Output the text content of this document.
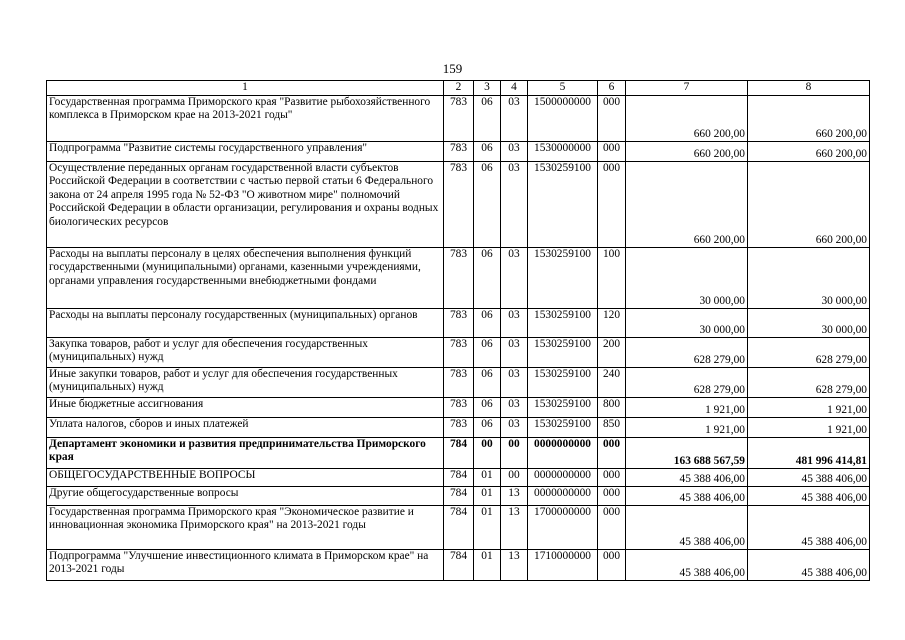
159
1	2	3	4	5	6	7	8
Государственная программа Приморского края "Развитие рыбохозяйственного комплекса в Приморском крае на 2013-2021 годы"	783	06	03	1500000000	000	660 200,00	660 200,00
Подпрограмма "Развитие системы государственного управления"	783	06	03	1530000000	000	660 200,00	660 200,00
Осуществление переданных органам государственной власти субъектов Российской Федерации в соответствии с частью первой статьи 6 Федерального закона от 24 апреля 1995 года № 52-ФЗ "О животном мире" полномочий Российской Федерации в области организации, регулирования и охраны водных биологических ресурсов	783	06	03	1530259100	000	660 200,00	660 200,00
Расходы на выплаты персоналу в целях обеспечения выполнения функций государственными (муниципальными) органами, казенными учреждениями, органами управления государственными внебюджетными фондами	783	06	03	1530259100	100	30 000,00	30 000,00
Расходы на выплаты персоналу государственных (муниципальных) органов	783	06	03	1530259100	120	30 000,00	30 000,00
Закупка товаров, работ и услуг для обеспечения государственных (муниципальных) нужд	783	06	03	1530259100	200	628 279,00	628 279,00
Иные закупки товаров, работ и услуг для обеспечения государственных (муниципальных) нужд	783	06	03	1530259100	240	628 279,00	628 279,00
Иные бюджетные ассигнования	783	06	03	1530259100	800	1 921,00	1 921,00
Уплата налогов, сборов и иных платежей	783	06	03	1530259100	850	1 921,00	1 921,00
Департамент экономики и развития предпринимательства Приморского края	784	00	00	0000000000	000	163 688 567,59	481 996 414,81
ОБЩЕГОСУДАРСТВЕННЫЕ ВОПРОСЫ	784	01	00	0000000000	000	45 388 406,00	45 388 406,00
Другие общегосударственные вопросы	784	01	13	0000000000	000	45 388 406,00	45 388 406,00
Государственная программа Приморского края "Экономическое развитие и инновационная экономика Приморского края" на 2013-2021 годы	784	01	13	1700000000	000	45 388 406,00	45 388 406,00
Подпрограмма "Улучшение инвестиционного климата в Приморском крае" на 2013-2021 годы	784	01	13	1710000000	000	45 388 406,00	45 388 406,00
